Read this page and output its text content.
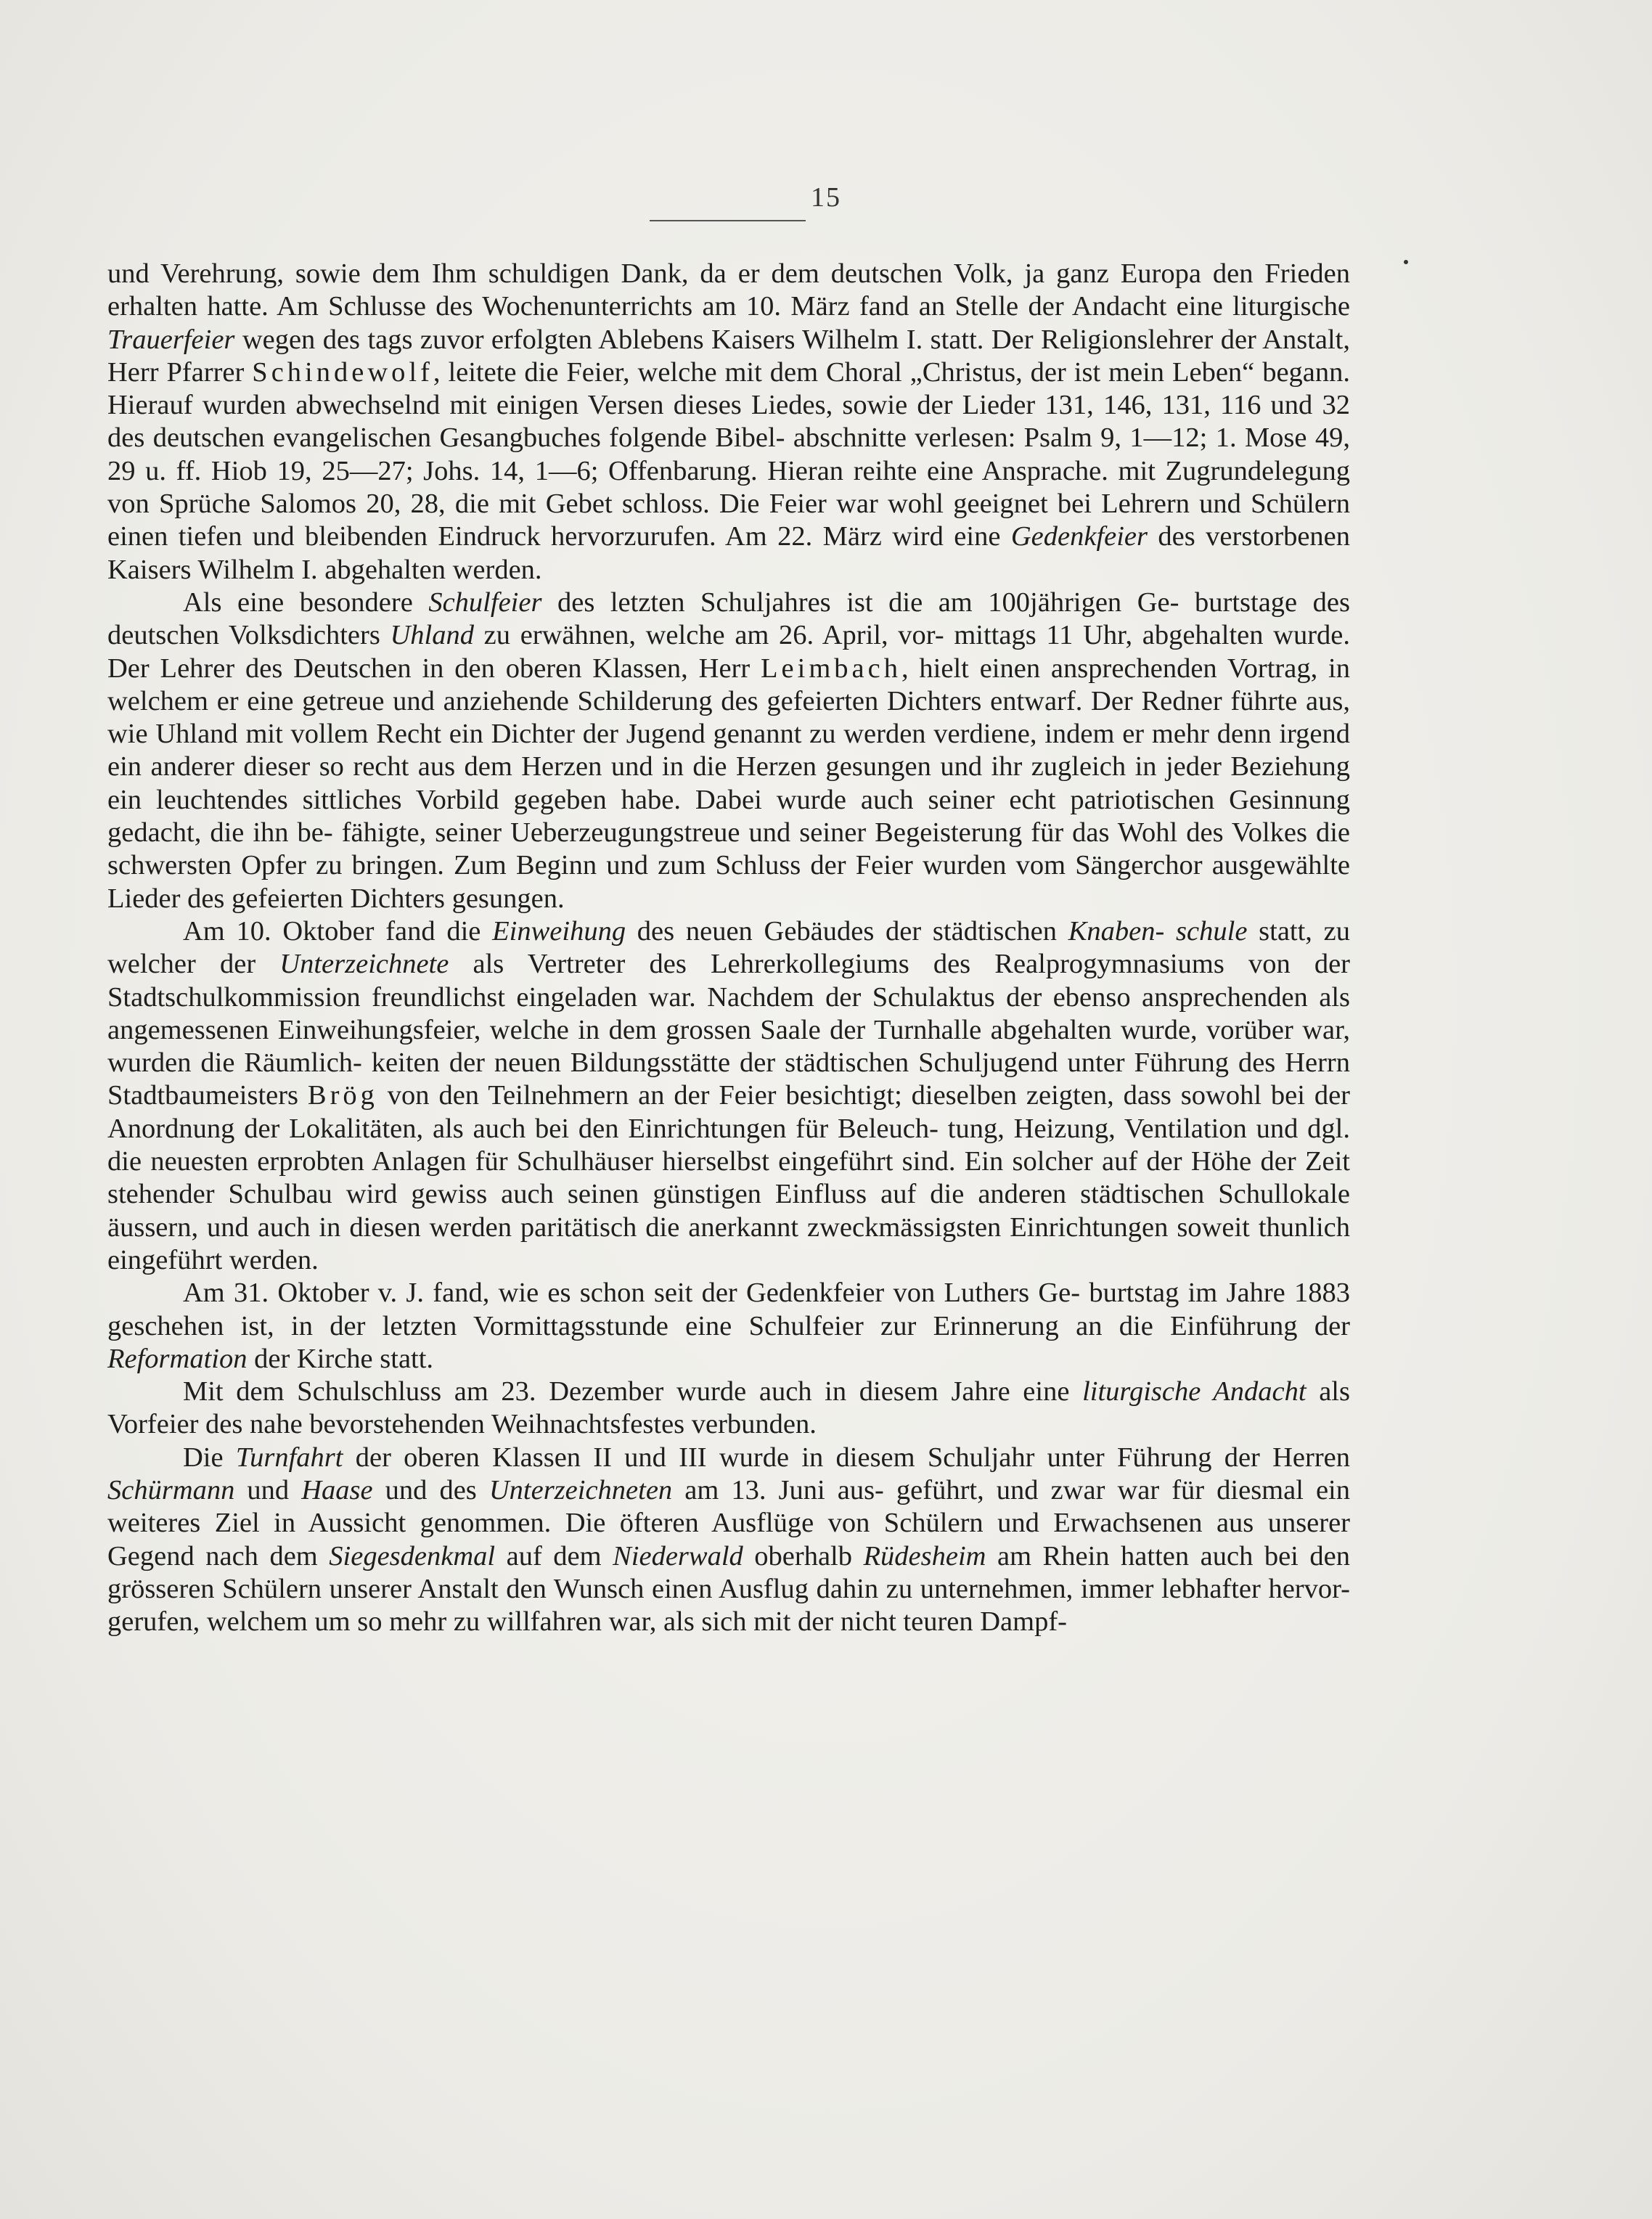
15

und Verehrung, sowie dem Ihm schuldigen Dank, da er dem deutschen Volk, ja ganz Europa den Frieden erhalten hatte. Am Schlusse des Wochenunterrichts am 10. März fand an Stelle der Andacht eine liturgische Trauerfeier wegen des tags zuvor erfolgten Ablebens Kaisers Wilhelm I. statt. Der Religionslehrer der Anstalt, Herr Pfarrer Schindewolf, leitete die Feier, welche mit dem Choral „Christus, der ist mein Leben“ begann. Hierauf wurden abwechselnd mit einigen Versen dieses Liedes, sowie der Lieder 131, 146, 131, 116 und 32 des deutschen evangelischen Gesangbuches folgende Bibel- abschnitte verlesen: Psalm 9, 1—12; 1. Mose 49, 29 u. ff. Hiob 19, 25—27; Johs. 14, 1—6; Offenbarung. Hieran reihte eine Ansprache. mit Zugrundelegung von Sprüche Salomos 20, 28, die mit Gebet schloss. Die Feier war wohl geeignet bei Lehrern und Schülern einen tiefen und bleibenden Eindruck hervorzurufen. Am 22. März wird eine Gedenkfeier des verstorbenen Kaisers Wilhelm I. abgehalten werden.

Als eine besondere Schulfeier des letzten Schuljahres ist die am 100jährigen Ge- burtstage des deutschen Volksdichters Uhland zu erwähnen, welche am 26. April, vor- mittags 11 Uhr, abgehalten wurde. Der Lehrer des Deutschen in den oberen Klassen, Herr Leimbach, hielt einen ansprechenden Vortrag, in welchem er eine getreue und anziehende Schilderung des gefeierten Dichters entwarf. Der Redner führte aus, wie Uhland mit vollem Recht ein Dichter der Jugend genannt zu werden verdiene, indem er mehr denn irgend ein anderer dieser so recht aus dem Herzen und in die Herzen gesungen und ihr zugleich in jeder Beziehung ein leuchtendes sittliches Vorbild gegeben habe. Dabei wurde auch seiner echt patriotischen Gesinnung gedacht, die ihn be- fähigte, seiner Ueberzeugungstreue und seiner Begeisterung für das Wohl des Volkes die schwersten Opfer zu bringen. Zum Beginn und zum Schluss der Feier wurden vom Sängerchor ausgewählte Lieder des gefeierten Dichters gesungen.

Am 10. Oktober fand die Einweihung des neuen Gebäudes der städtischen Knaben- schule statt, zu welcher der Unterzeichnete als Vertreter des Lehrerkollegiums des Realprogymnasiums von der Stadtschulkommission freundlichst eingeladen war. Nachdem der Schulaktus der ebenso ansprechenden als angemessenen Einweihungsfeier, welche in dem grossen Saale der Turnhalle abgehalten wurde, vorüber war, wurden die Räumlich- keiten der neuen Bildungsstätte der städtischen Schuljugend unter Führung des Herrn Stadtbaumeisters Brög von den Teilnehmern an der Feier besichtigt; dieselben zeigten, dass sowohl bei der Anordnung der Lokalitäten, als auch bei den Einrichtungen für Beleuch- tung, Heizung, Ventilation und dgl. die neuesten erprobten Anlagen für Schulhäuser hierselbst eingeführt sind. Ein solcher auf der Höhe der Zeit stehender Schulbau wird gewiss auch seinen günstigen Einfluss auf die anderen städtischen Schullokale äussern, und auch in diesen werden paritätisch die anerkannt zweckmässigsten Einrichtungen soweit thunlich eingeführt werden.

Am 31. Oktober v. J. fand, wie es schon seit der Gedenkfeier von Luthers Ge- burtstag im Jahre 1883 geschehen ist, in der letzten Vormittagsstunde eine Schulfeier zur Erinnerung an die Einführung der Reformation der Kirche statt.

Mit dem Schulschluss am 23. Dezember wurde auch in diesem Jahre eine liturgische Andacht als Vorfeier des nahe bevorstehenden Weihnachtsfestes verbunden.

Die Turnfahrt der oberen Klassen II und III wurde in diesem Schuljahr unter Führung der Herren Schürmann und Haase und des Unterzeichneten am 13. Juni aus- geführt, und zwar war für diesmal ein weiteres Ziel in Aussicht genommen. Die öfteren Ausflüge von Schülern und Erwachsenen aus unserer Gegend nach dem Siegesdenkmal auf dem Niederwald oberhalb Rüdesheim am Rhein hatten auch bei den grösseren Schülern unserer Anstalt den Wunsch einen Ausflug dahin zu unternehmen, immer lebhafter hervor- gerufen, welchem um so mehr zu willfahren war, als sich mit der nicht teuren Dampf-
